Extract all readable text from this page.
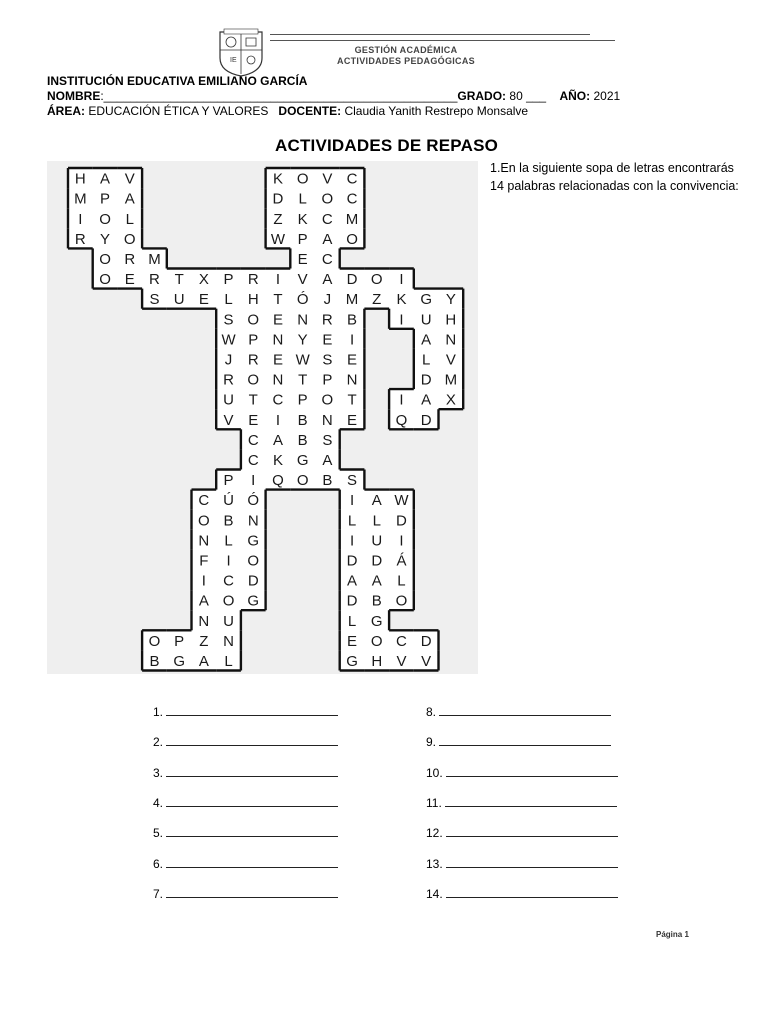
IE
GESTIÓN ACADÉMICA
ACTIVIDADES PEDAGÓGICAS
INSTITUCIÓN EDUCATIVA EMILIANO GARCÍA
NOMBRE:_____________________________________________________GRADO: 80 ___ AÑO: 2021
ÁREA: EDUCACIÓN ÉTICA Y VALORES DOCENTE: Claudia Yanith Restrepo Monsalve
ACTIVIDADES DE REPASO
1.En la siguiente sopa de letras encontrarás 14 palabras relacionadas con la convivencia:
H A V	K O V C
M P A	D L O C
I O L	Z K C M
R Y O	W P A O
O R M	E C
O E R T X P R I V A D O I
S U E L H T Ó J M Z K G Y
S O E N R B	I U H
W P N Y E I	A N
J R E W S E	L V
R O N T P N	D M
U T C P O T	I A X
V E I B N E	Q D
C A B S
C K G A
P I Q O B S
C Ú Ó	I A W
O B N	L L D
N L G	I U I
F I O	D D Á
I C D	A A L
A O G	D B O
N U	L G
O P Z N	E O C D
B G A L	G H V V
1.
2.
3.
4.
5.
6.
7.
8.
9.
10.
11.
12.
13.
14.
Página 1
